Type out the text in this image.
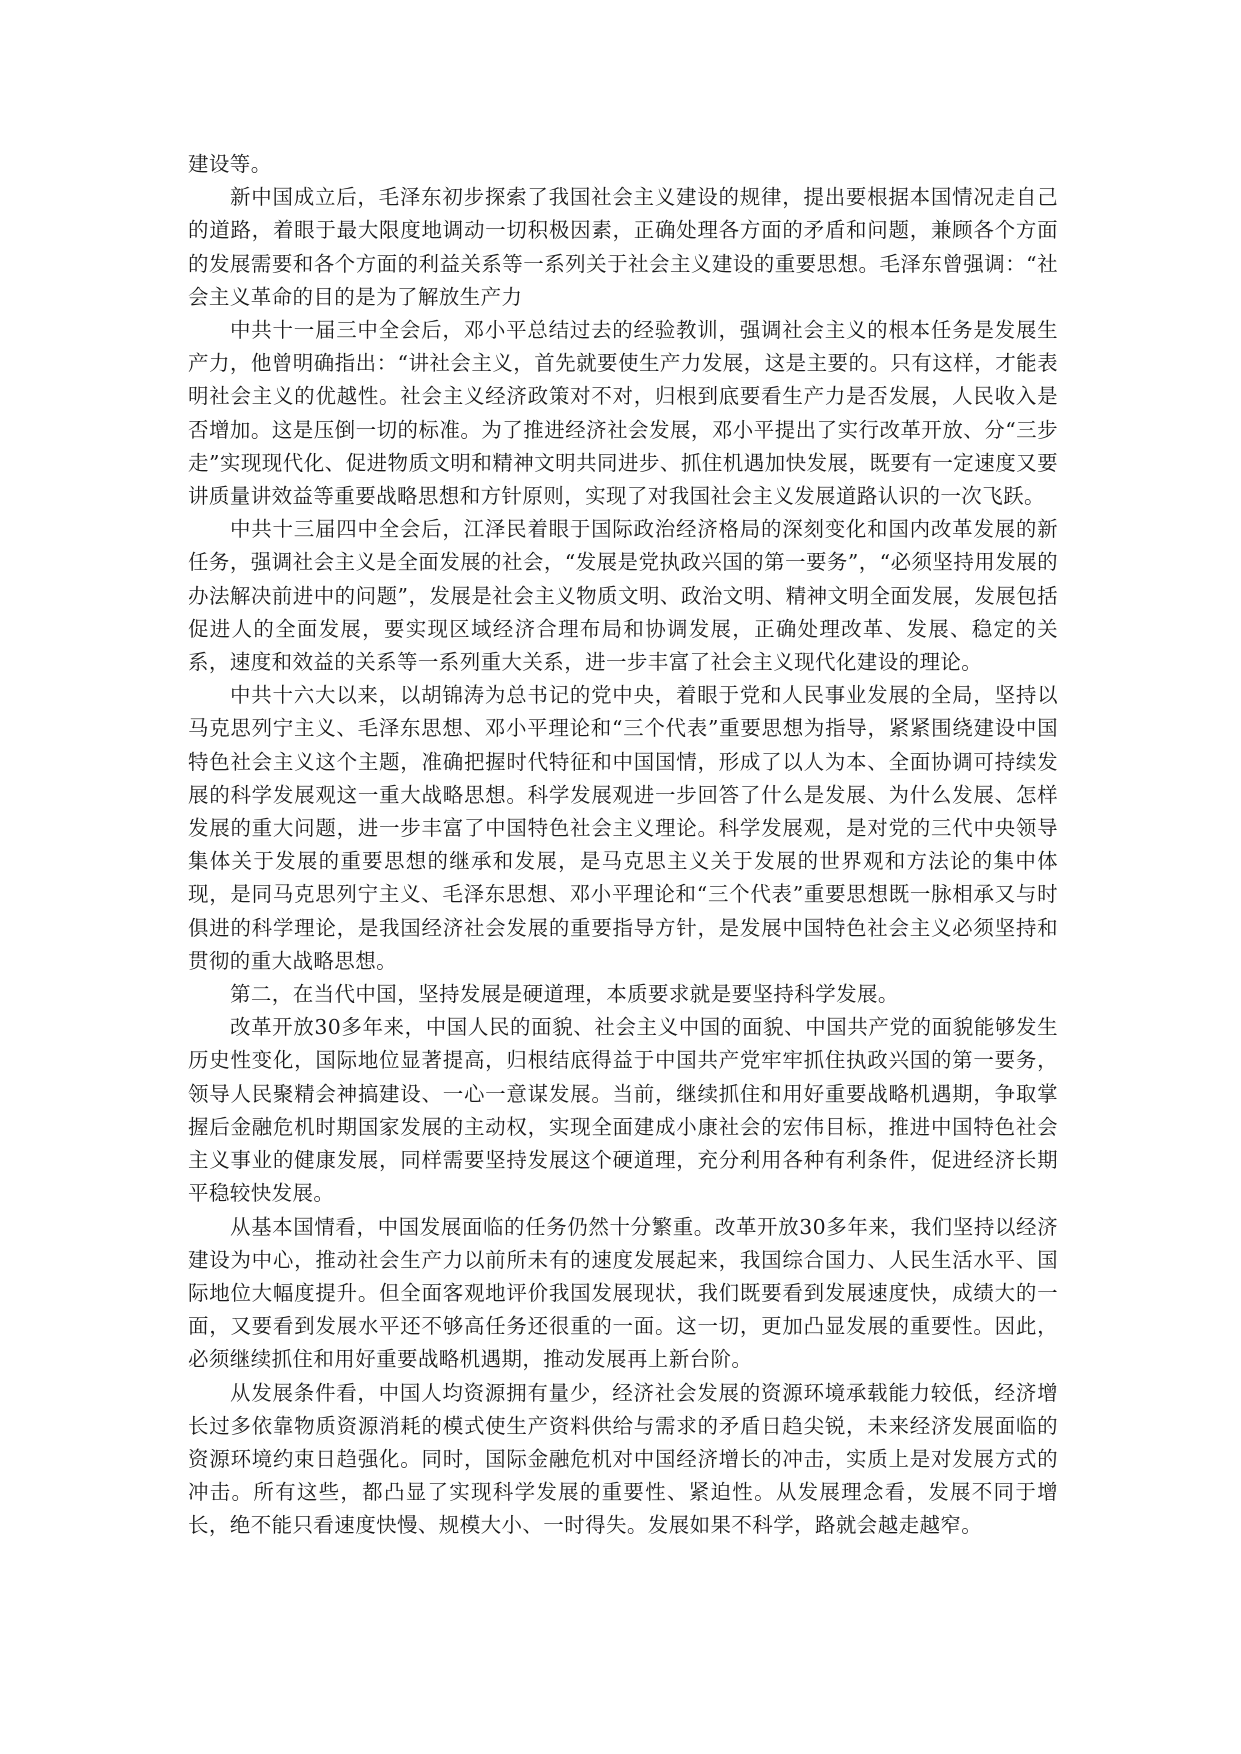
建设等。

新中国成立后，毛泽东初步探索了我国社会主义建设的规律，提出要根据本国情况走自己的道路，着眼于最大限度地调动一切积极因素，正确处理各方面的矛盾和问题，兼顾各个方面的发展需要和各个方面的利益关系等一系列关于社会主义建设的重要思想。毛泽东曾强调：“社会主义革命的目的是为了解放生产力

中共十一届三中全会后，邓小平总结过去的经验教训，强调社会主义的根本任务是发展生产力，他曾明确指出：“讲社会主义，首先就要使生产力发展，这是主要的。只有这样，才能表明社会主义的优越性。社会主义经济政策对不对，归根到底要看生产力是否发展，人民收入是否增加。这是压倒一切的标准。为了推进经济社会发展，邓小平提出了实行改革开放、分“三步走”实现现代化、促进物质文明和精神文明共同进步、抓住机遇加快发展，既要有一定速度又要讲质量讲效益等重要战略思想和方针原则，实现了对我国社会主义发展道路认识的一次飞跃。

中共十三届四中全会后，江泽民着眼于国际政治经济格局的深刻变化和国内改革发展的新任务，强调社会主义是全面发展的社会，“发展是党执政兴国的第一要务”，“必须坚持用发展的办法解决前进中的问题”，发展是社会主义物质文明、政治文明、精神文明全面发展，发展包括促进人的全面发展，要实现区域经济合理布局和协调发展，正确处理改革、发展、稳定的关系，速度和效益的关系等一系列重大关系，进一步丰富了社会主义现代化建设的理论。

中共十六大以来，以胡锦涛为总书记的党中央，着眼于党和人民事业发展的全局，坚持以马克思列宁主义、毛泽东思想、邓小平理论和“三个代表”重要思想为指导，紧紧围绕建设中国特色社会主义这个主题，准确把握时代特征和中国国情，形成了以人为本、全面协调可持续发展的科学发展观这一重大战略思想。科学发展观进一步回答了什么是发展、为什么发展、怎样发展的重大问题，进一步丰富了中国特色社会主义理论。科学发展观，是对党的三代中央领导集体关于发展的重要思想的继承和发展，是马克思主义关于发展的世界观和方法论的集中体现，是同马克思列宁主义、毛泽东思想、邓小平理论和“三个代表”重要思想既一脉相承又与时俱进的科学理论，是我国经济社会发展的重要指导方针，是发展中国特色社会主义必须坚持和贯彻的重大战略思想。

第二，在当代中国，坚持发展是硬道理，本质要求就是要坚持科学发展。

改革开放30多年来，中国人民的面貌、社会主义中国的面貌、中国共产党的面貌能够发生历史性变化，国际地位显著提高，归根结底得益于中国共产党牢牢抓住执政兴国的第一要务，领导人民聚精会神搞建设、一心一意谋发展。当前，继续抓住和用好重要战略机遇期，争取掌握后金融危机时期国家发展的主动权，实现全面建成小康社会的宏伟目标，推进中国特色社会主义事业的健康发展，同样需要坚持发展这个硬道理，充分利用各种有利条件，促进经济长期平稳较快发展。

从基本国情看，中国发展面临的任务仍然十分繁重。改革开放30多年来，我们坚持以经济建设为中心，推动社会生产力以前所未有的速度发展起来，我国综合国力、人民生活水平、国际地位大幅度提升。但全面客观地评价我国发展现状，我们既要看到发展速度快，成绩大的一面，又要看到发展水平还不够高任务还很重的一面。这一切，更加凸显发展的重要性。因此，必须继续抓住和用好重要战略机遇期，推动发展再上新台阶。

从发展条件看，中国人均资源拥有量少，经济社会发展的资源环境承载能力较低，经济增长过多依靠物质资源消耗的模式使生产资料供给与需求的矛盾日趋尖锐，未来经济发展面临的资源环境约束日趋强化。同时，国际金融危机对中国经济增长的冲击，实质上是对发展方式的冲击。所有这些，都凸显了实现科学发展的重要性、紧迫性。从发展理念看，发展不同于增长，绝不能只看速度快慢、规模大小、一时得失。发展如果不科学，路就会越走越窄。
